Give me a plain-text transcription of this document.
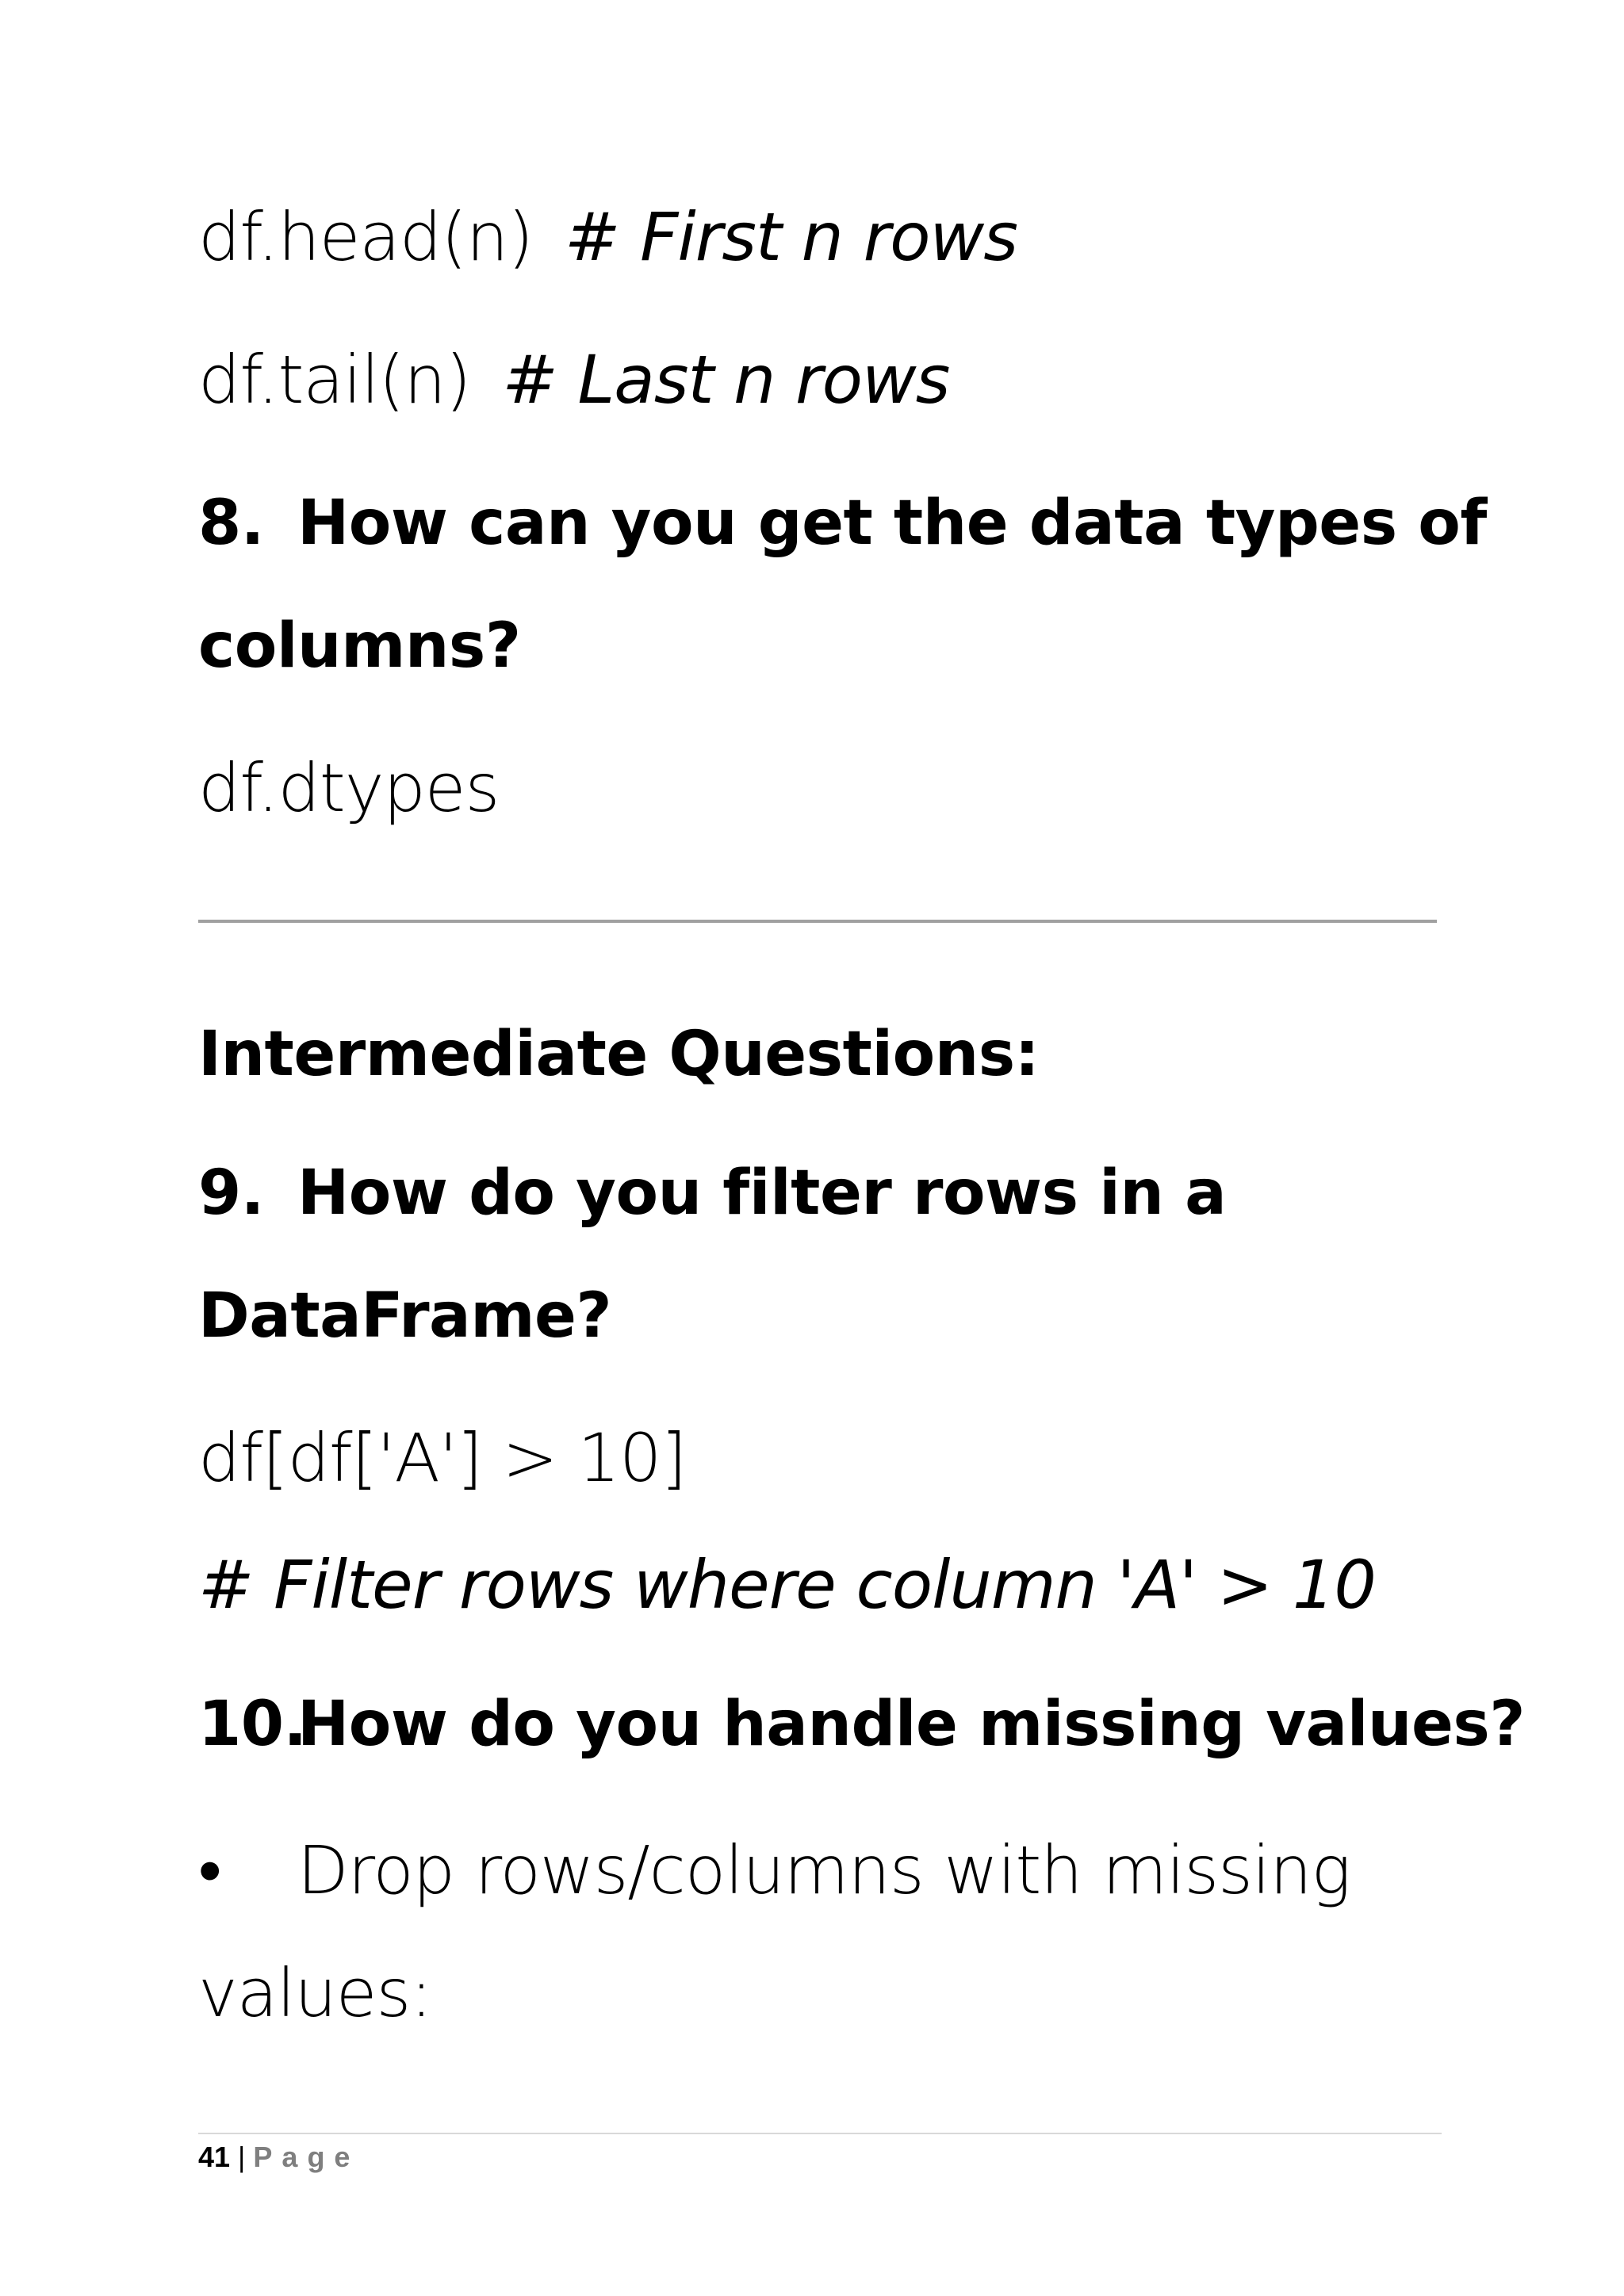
df.head(n) # First n rows
df.tail(n) # Last n rows
8. How can you get the data types of
columns?
df.dtypes
Intermediate Questions:
9. How do you filter rows in a
DataFrame?
df[df['A'] > 10]
# Filter rows where column 'A' > 10
10.How do you handle missing values?
• Drop rows/columns with missing
values:
41 | Page
